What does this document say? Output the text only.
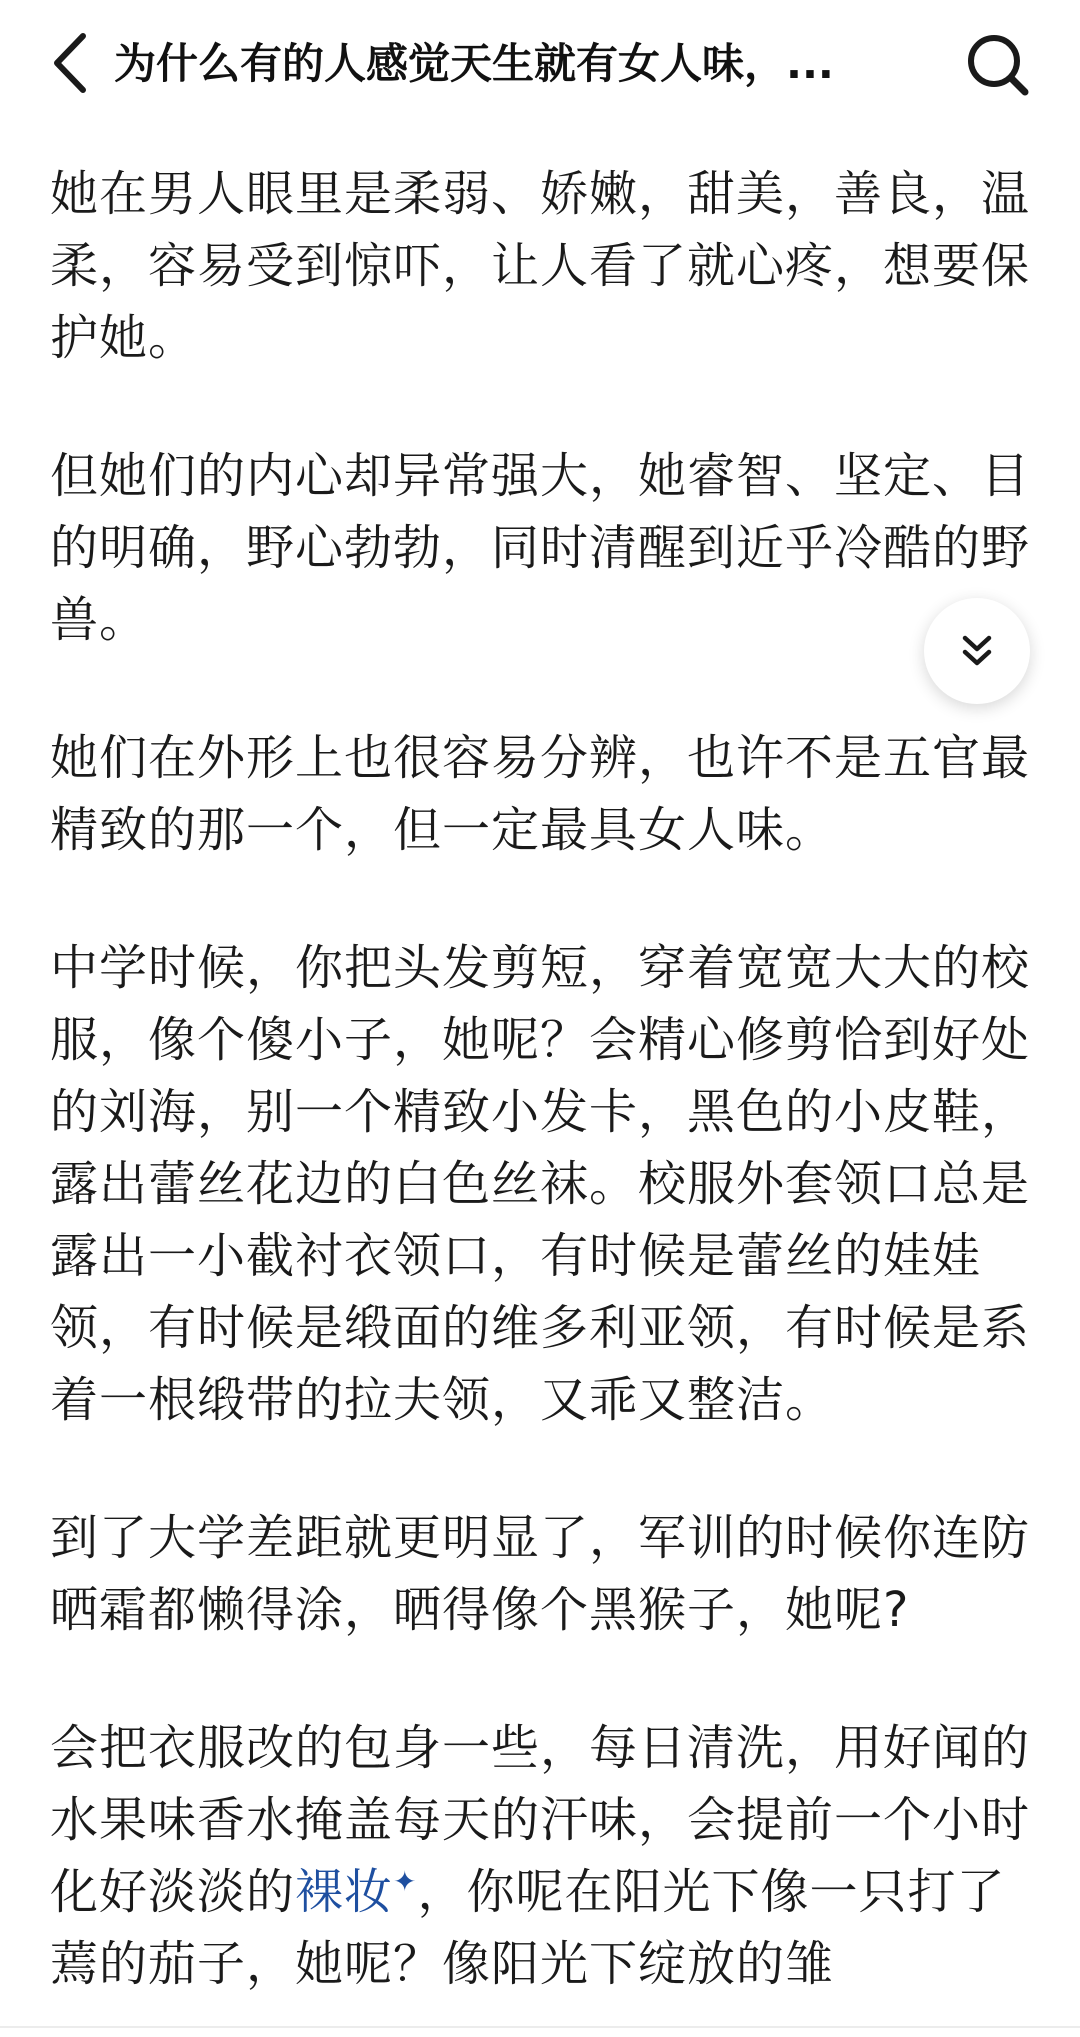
为什么有的人感觉天生就有女人味，...

她在男人眼里是柔弱、娇嫩，甜美，善良，温柔，容易受到惊吓，让人看了就心疼，想要保护她。

但她们的内心却异常强大，她睿智、坚定、目的明确，野心勃勃，同时清醒到近乎冷酷的野兽。

她们在外形上也很容易分辨，也许不是五官最精致的那一个，但一定最具女人味。

中学时候，你把头发剪短，穿着宽宽大大的校服，像个傻小子，她呢？会精心修剪恰到好处的刘海，别一个精致小发卡，黑色的小皮鞋，露出蕾丝花边的白色丝袜。校服外套领口总是露出一小截衬衣领口，有时候是蕾丝的娃娃领，有时候是缎面的维多利亚领，有时候是系着一根缎带的拉夫领，又乖又整洁。

到了大学差距就更明显了，军训的时候你连防晒霜都懒得涂，晒得像个黑猴子，她呢?

会把衣服改的包身一些，每日清洗，用好闻的水果味香水掩盖每天的汗味，会提前一个小时化好淡淡的裸妆✦，你呢在阳光下像一只打了蔫的茄子，她呢？像阳光下绽放的雏
